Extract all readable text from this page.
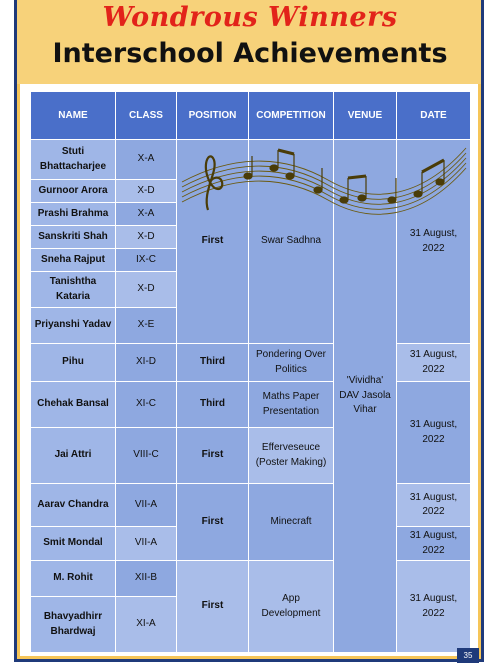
Wondrous Winners
Interschool Achievements
NAME	CLASS	POSITION	COMPETITION	VENUE	DATE
Stuti Bhattacharjee	X-A	First	Swar Sadhna	'Vividha' DAV Jasola Vihar	31 August, 2022
Gurnoor Arora	X-D				
Prashi Brahma	X-A				
Sanskriti Shah	X-D				
Sneha Rajput	IX-C				
Tanishtha Kataria	X-D				
Priyanshi Yadav	X-E				
Pihu	XI-D	Third	Pondering Over Politics		31 August, 2022
Chehak Bansal	XI-C	Third	Maths Paper Presentation		31 August, 2022
Jai Attri	VIII-C	First	Efferveseuce (Poster Making)		
Aarav Chandra	VII-A	First	Minecraft		31 August, 2022
Smit Mondal	VII-A				31 August, 2022
M. Rohit	XII-B	First	App Development		31 August, 2022
Bhavyadhirr Bhardwaj	XI-A				
35
